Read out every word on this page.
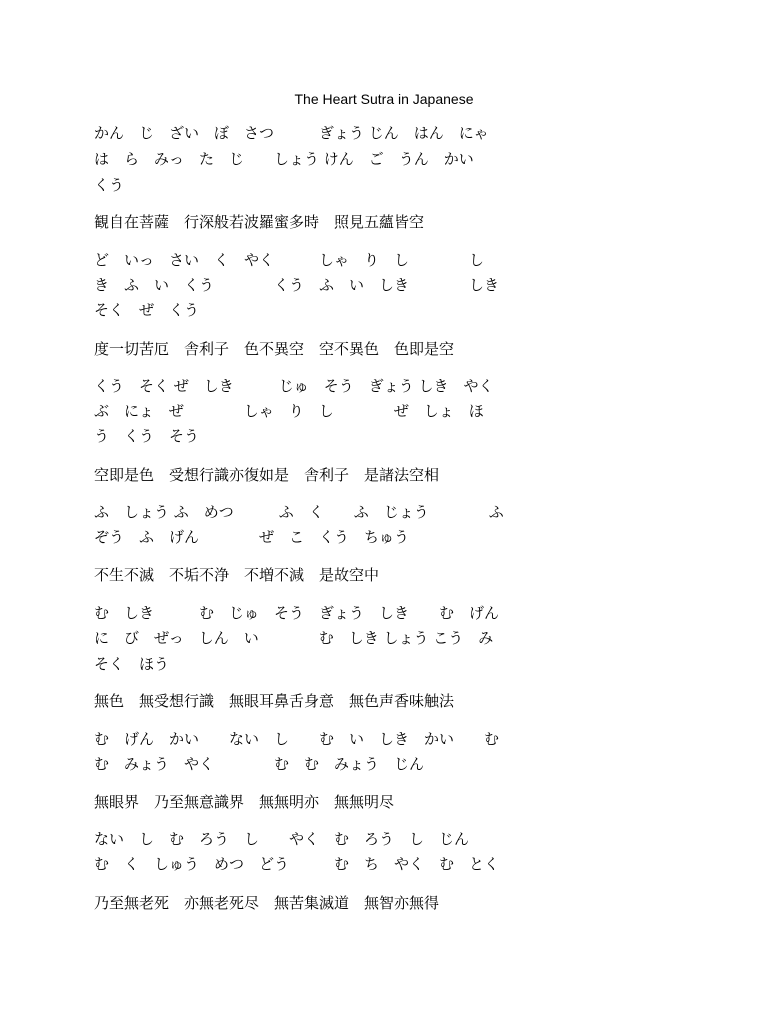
The Heart Sutra in Japanese
かん　じ　ざい　ぼ　さつ　　　ぎょう じん　はん　にゃ
は　ら　みっ　た　じ　　しょう けん　ご　うん　かい
くう
観自在菩薩　行深般若波羅蜜多時　照見五蘊皆空
ど　いっ　さい　く　やく　　　しゃ　り　し　　　　し
き　ふ　い　くう　　　　くう　ふ　い　しき　　　　しき
そく　ぜ　くう
度一切苦厄　舎利子　色不異空　空不異色　色即是空
くう　そく ぜ　しき　　　じゅ　そう　ぎょう しき　やく
ぶ　にょ　ぜ　　　　しゃ　り　し　　　　ぜ　しょ　ほ
う　くう　そう
空即是色　受想行識亦復如是　舎利子　是諸法空相
ふ　しょう ふ　めつ　　　ふ　く　　ふ　じょう　　　　ふ
ぞう　ふ　げん　　　　ぜ　こ　くう　ちゅう
不生不滅　不垢不浄　不増不減　是故空中
む　しき　　　む　じゅ　そう　ぎょう　しき　　む　げん
に　び　ぜっ　しん　い　　　　む　しき しょう こう　み
そく　ほう
無色　無受想行識　無眼耳鼻舌身意　無色声香味触法
む　げん　かい　　ない　し　　む　い　しき　かい　　む
む　みょう　やく　　　　む　む　みょう　じん
無眼界　乃至無意識界　無無明亦　無無明尽
ない　し　む　ろう　し　　やく　む　ろう　し　じん
む　く　しゅう　めつ　どう　　　む　ち　やく　む　とく
乃至無老死　亦無老死尽　無苦集滅道　無智亦無得
